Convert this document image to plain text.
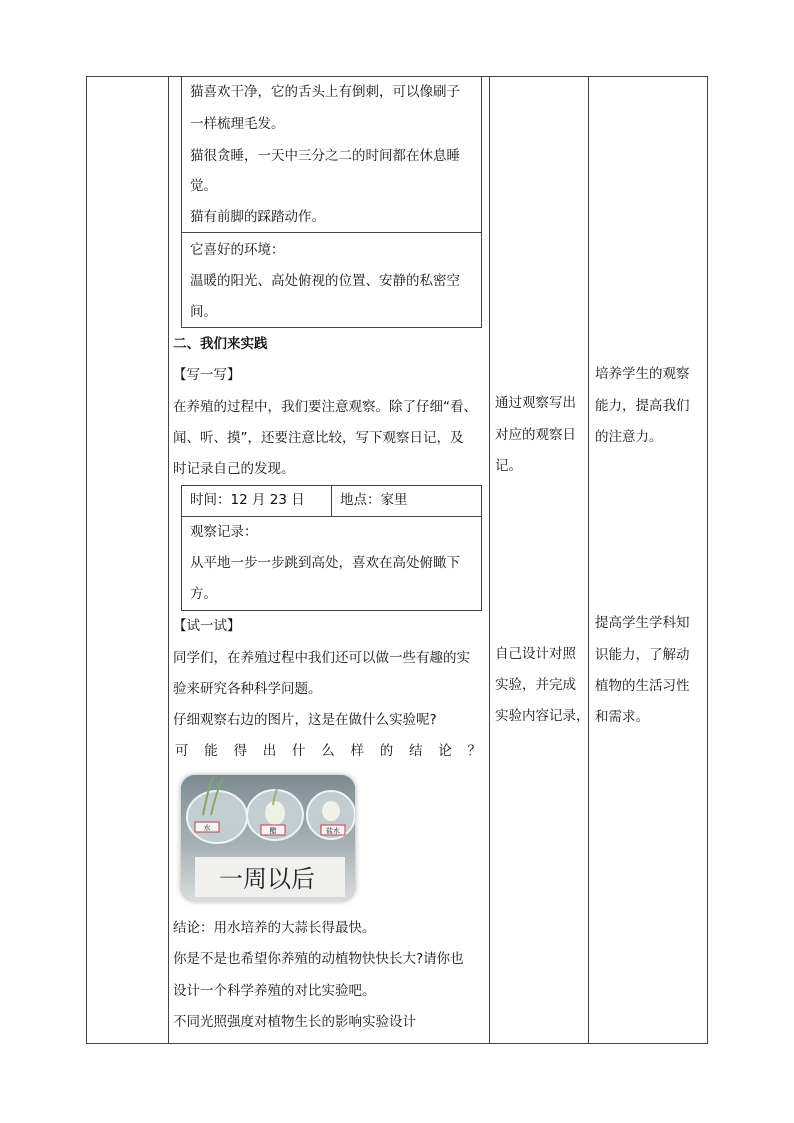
猫喜欢干净，它的舌头上有倒刺，可以像刷子
一样梳理毛发。
猫很贪睡，一天中三分之二的时间都在休息睡
觉。
猫有前脚的踩踏动作。
它喜好的环境：
温暖的阳光、高处俯视的位置、安静的私密空
间。
二、我们来实践
【写一写】
在养殖的过程中，我们要注意观察。除了仔细“看、
闻、听、摸”，还要注意比较，写下观察日记，及
时记录自己的发现。
时间：12 月 23 日	地点：家里
观察记录：
从平地一步一步跳到高处，喜欢在高处俯瞰下
方。
【试一试】
同学们，在养殖过程中我们还可以做一些有趣的实
验来研究各种科学问题。
仔细观察右边的图片，这是在做什么实验呢?
可 能 得 出 什 么 样 的 结 论 ？
水	醋	盐水
一周以后
结论：用水培养的大蒜长得最快。
你是不是也希望你养殖的动植物快快长大?请你也
设计一个科学养殖的对比实验吧。
不同光照强度对植物生长的影响实验设计
通过观察写出
对应的观察日
记。
自己设计对照
实验，并完成
实验内容记录，
培养学生的观察
能力，提高我们
的注意力。
提高学生学科知
识能力，了解动
植物的生活习性
和需求。
